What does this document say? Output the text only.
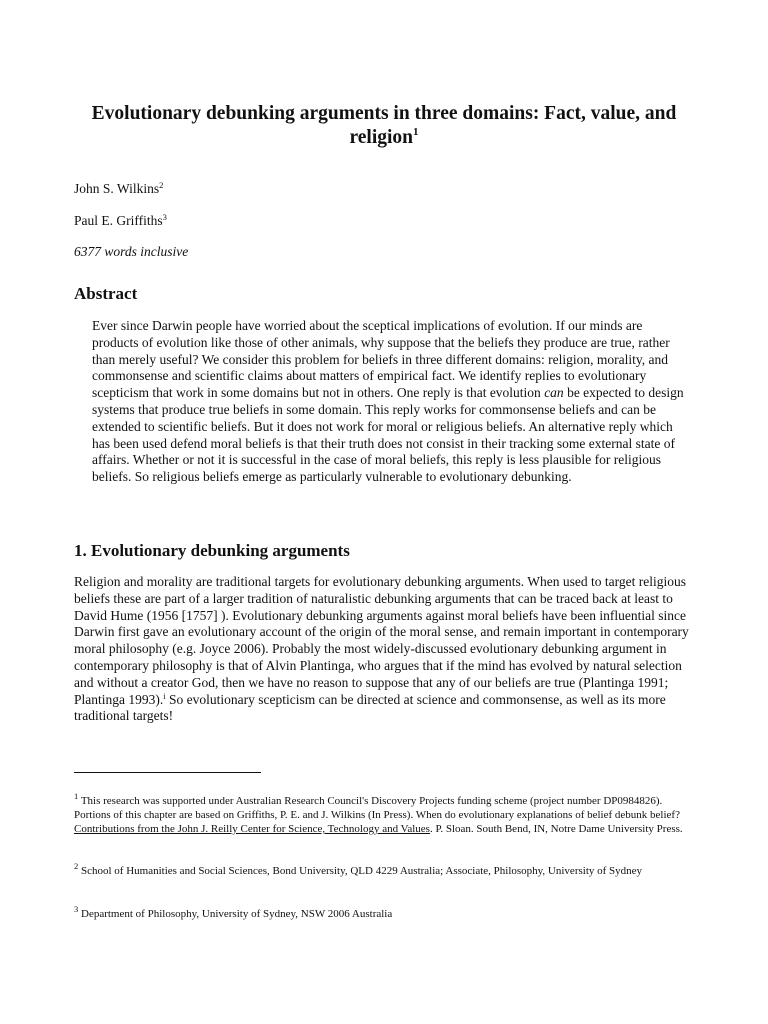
Evolutionary debunking arguments in three domains: Fact, value, and religion$^1$

John S. Wilkins$^2$

Paul E. Griffiths$^3$

6377 words inclusive

Abstract

Ever since Darwin people have worried about the sceptical implications of evolution. If our minds are products of evolution like those of other animals, why suppose that the beliefs they produce are true, rather than merely useful? We consider this problem for beliefs in three different domains: religion, morality, and commonsense and scientific claims about matters of empirical fact. We identify replies to evolutionary scepticism that work in some domains but not in others. One reply is that evolution can be expected to design systems that produce true beliefs in some domain. This reply works for commonsense beliefs and can be extended to scientific beliefs. But it does not work for moral or religious beliefs. An alternative reply which has been used defend moral beliefs is that their truth does not consist in their tracking some external state of affairs. Whether or not it is successful in the case of moral beliefs, this reply is less plausible for religious beliefs. So religious beliefs emerge as particularly vulnerable to evolutionary debunking.

1. Evolutionary debunking arguments

Religion and morality are traditional targets for evolutionary debunking arguments. When used to target religious beliefs these are part of a larger tradition of naturalistic debunking arguments that can be traced back at least to David Hume (1956 [1757] ). Evolutionary debunking arguments against moral beliefs have been influential since Darwin first gave an evolutionary account of the origin of the moral sense, and remain important in contemporary moral philosophy (e.g. Joyce 2006). Probably the most widely-discussed evolutionary debunking argument in contemporary philosophy is that of Alvin Plantinga, who argues that if the mind has evolved by natural selection and without a creator God, then we have no reason to suppose that any of our beliefs are true (Plantinga 1991; Plantinga 1993).$^i$ So evolutionary scepticism can be directed at science and commonsense, as well as its more traditional targets!

$^1$ This research was supported under Australian Research Council's Discovery Projects funding scheme (project number DP0984826). Portions of this chapter are based on Griffiths, P. E. and J. Wilkins (In Press). When do evolutionary explanations of belief debunk belief? Contributions from the John J. Reilly Center for Science, Technology and Values. P. Sloan. South Bend, IN, Notre Dame University Press.

$^2$ School of Humanities and Social Sciences, Bond University, QLD 4229 Australia; Associate, Philosophy, University of Sydney

$^3$ Department of Philosophy, University of Sydney, NSW 2006 Australia
